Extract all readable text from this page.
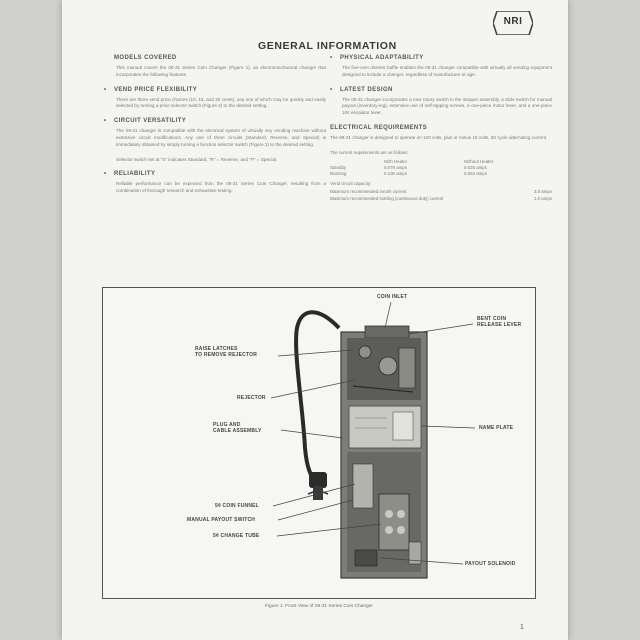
NRI
GENERAL INFORMATION
MODELS COVERED
This manual covers the 08-31 Series Coin Changer (Figure 1), an electromechanical changer that incorporates the following features.
• VEND PRICE FLEXIBILITY
There are three vend price choices (10, 15, and 20 cents), any one of which may be quickly and easily selected by turning a price selector switch (Figure 2) to the desired setting.
• CIRCUIT VERSATILITY
The 08-31 changer is compatible with the electrical system of virtually any vending machine without extensive circuit modifications. Any one of three circuits (Standard, Reverse, and Special) is immediately obtained by simply turning a function selector switch (Figure 2) to the desired setting.
Selector switch set at "S" indicates Standard, "R" = Reverse, and "P" = Special.
• RELIABILITY
Reliable performance can be expected from the 08-31 Series Coin Changer, resulting from a combination of thorough research and exhaustive testing.
• PHYSICAL ADAPTABILITY
The five-cent diverter baffle enables the 08-31 changer compatible with virtually all vending equipment designed to include a changer, regardless of manufacturer or age.
• LATEST DESIGN
The 08-31 changer incorporates a new rotary switch in the stepper assembly, a slide switch for manual payout (inventory-ing), extensive use of self-tapping screws, a one-piece motor lever, and a one-piece 10¢ escalator lever.
ELECTRICAL REQUIREMENTS
The 08-31 changer is designed to operate on 120 volts, plus or minus 15 volts, 60 cycle alternating current.
The current requirements are as follows:
	With Heater	Without Heater
Standby	0.078 amps	0.025 amps
Running	0.100 amps	0.053 amps
Vend circuit capacity:
Maximum recommended inrush current	3.0 amps
Maximum recommended holding (continuous duty) current	1.0 amps
COIN INLET
BENT COIN
RELEASE LEVER
RAISE LATCHES
TO REMOVE REJECTOR
REJECTOR
PLUG AND
CABLE ASSEMBLY	NAME PLATE
5¢ COIN FUNNEL
MANUAL PAYOUT SWITCH
5¢ CHANGE TUBE
PAYOUT SOLENOID
Figure 1. Front View of 08-31 Series Coin Changer
1
